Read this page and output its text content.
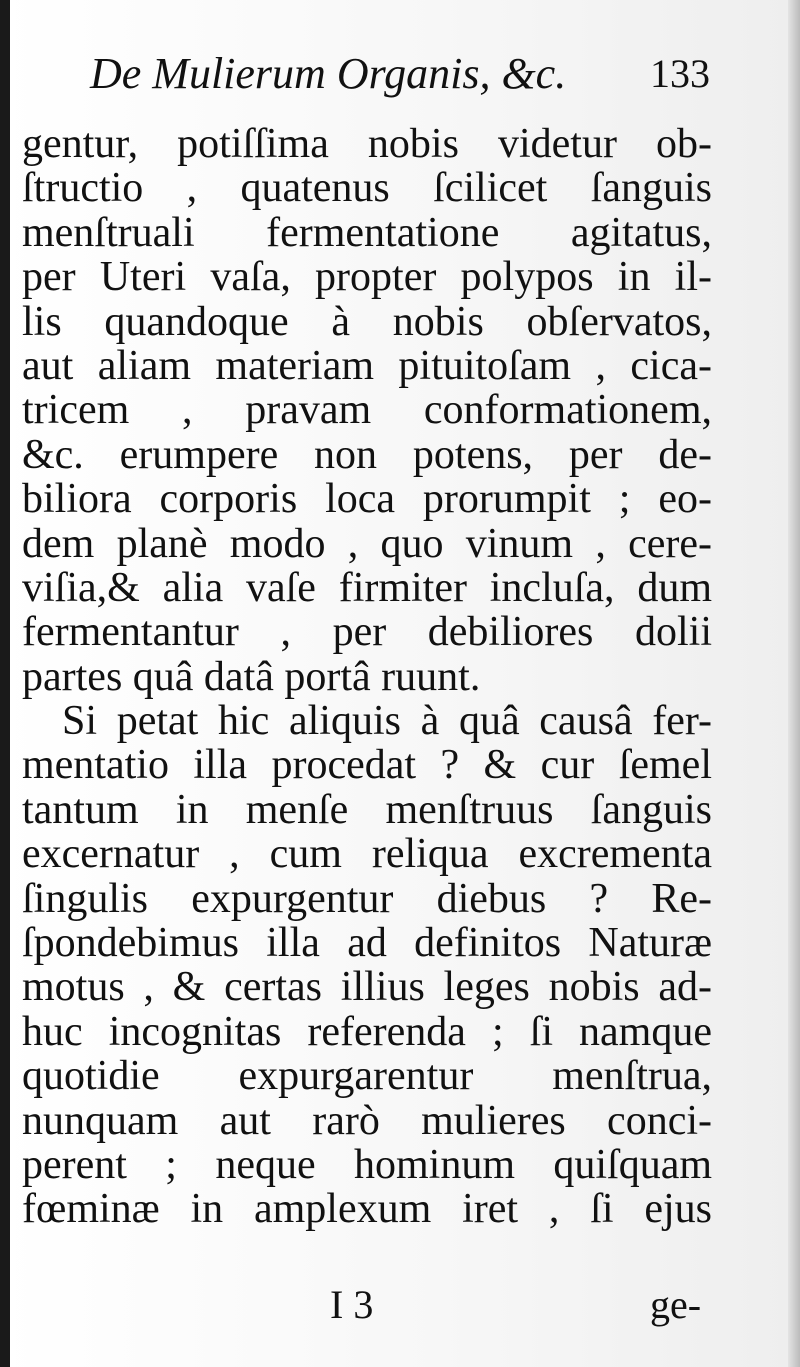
De Mulierum Organis, &c. 133
gentur, potiſſima nobis videtur ob-
ſtructio , quatenus ſcilicet ſanguis
menſtruali fermentatione agitatus,
per Uteri vaſa, propter polypos in il-
lis quandoque à nobis obſervatos,
aut aliam materiam pituitoſam , cica-
tricem , pravam conformationem,
&c. erumpere non potens, per de-
biliora corporis loca prorumpit ; eo-
dem planè modo , quo vinum , cere-
viſia,& alia vaſe firmiter incluſa, dum
fermentantur , per debiliores dolii
partes quâ datâ portâ ruunt.
Si petat hic aliquis à quâ causâ fer-
mentatio illa procedat ? & cur ſemel
tantum in menſe menſtruus ſanguis
excernatur , cum reliqua excrementa
ſingulis expurgentur diebus ? Re-
ſpondebimus illa ad definitos Naturæ
motus , & certas illius leges nobis ad-
huc incognitas referenda ; ſi namque
quotidie expurgarentur menſtrua,
nunquam aut rarò mulieres conci-
perent ; neque hominum quiſquam
fœminæ in amplexum iret , ſi ejus
I 3	ge-
